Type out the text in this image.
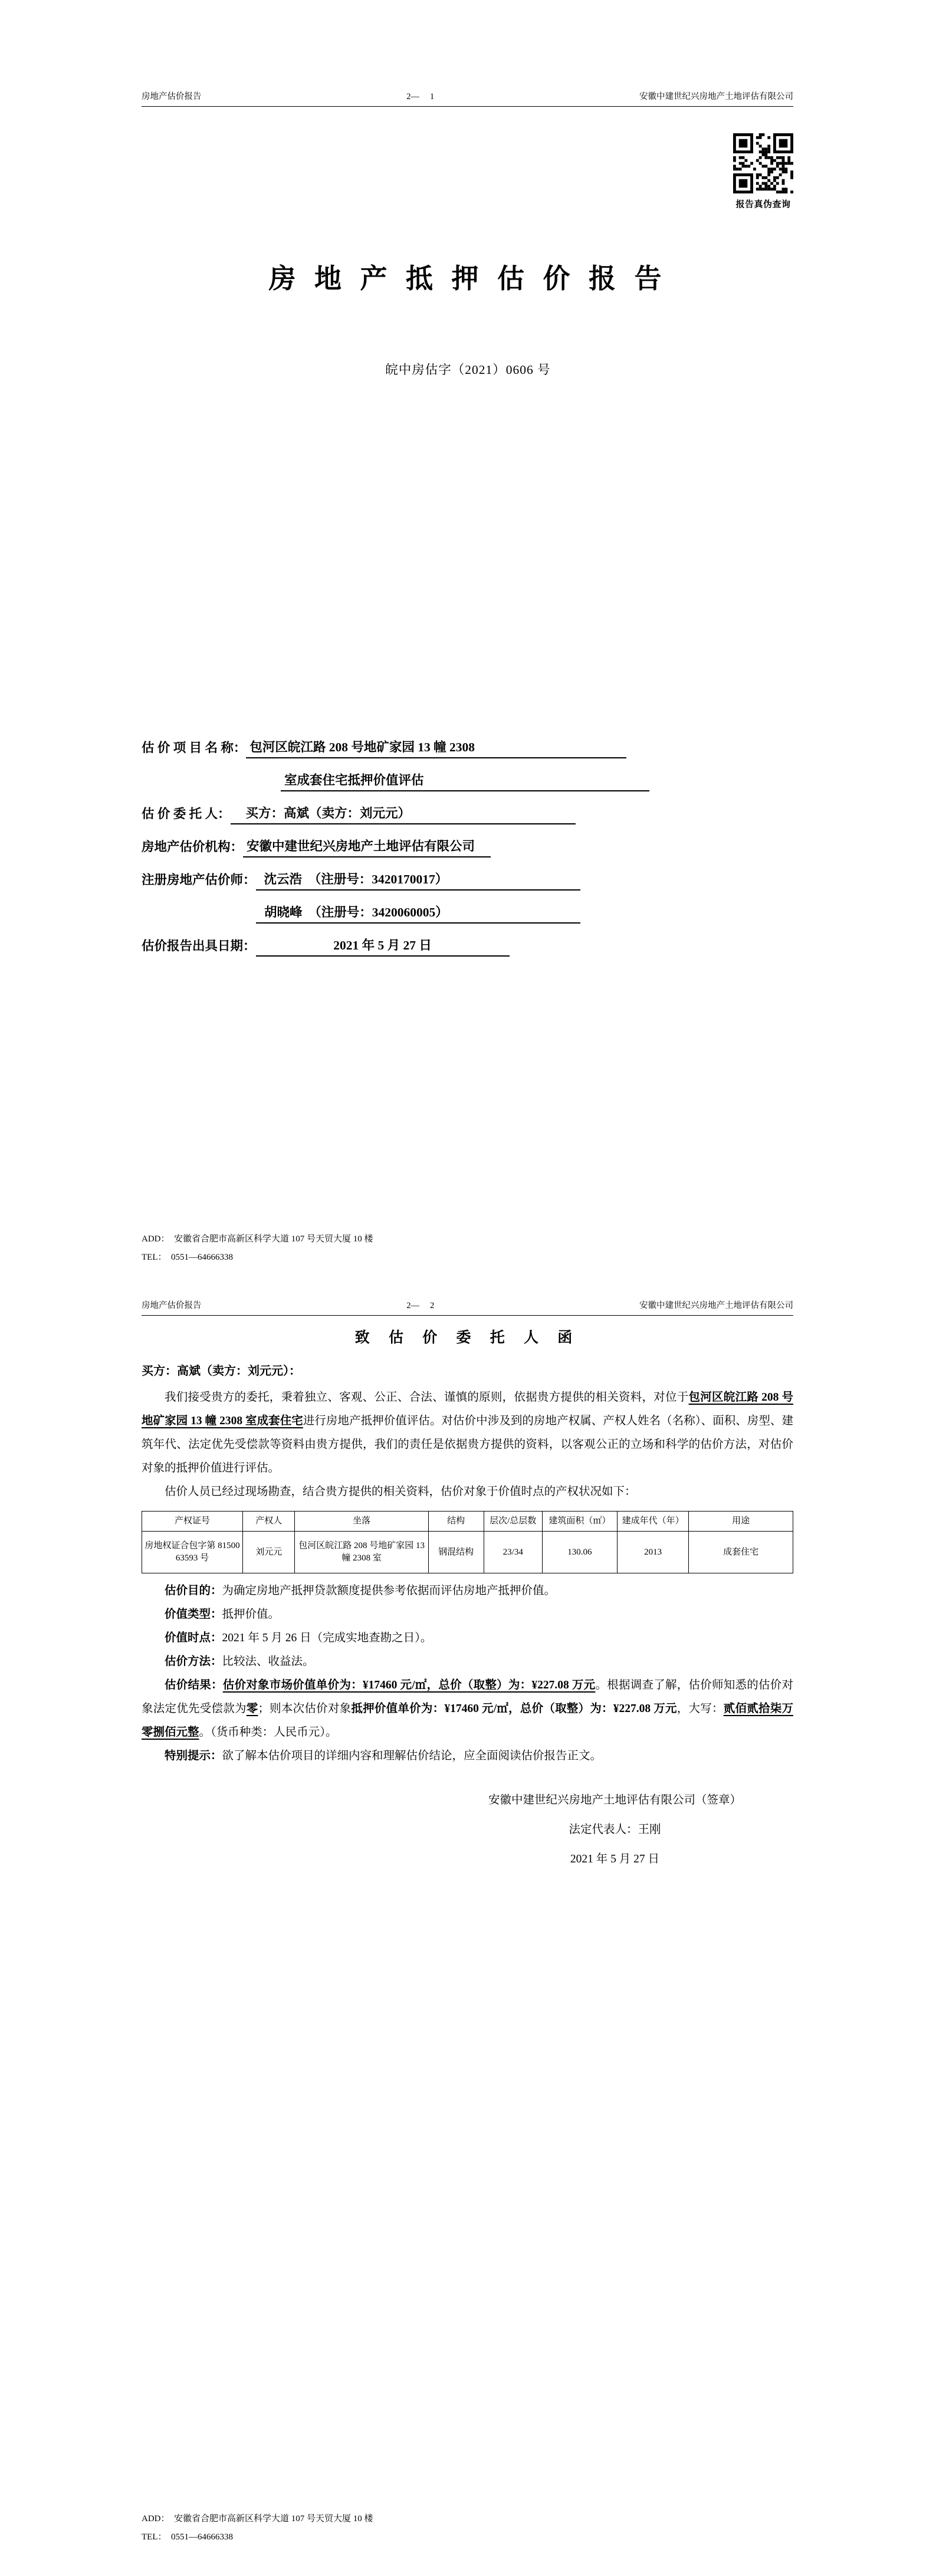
房地产估价报告	2—　 1	安徽中建世纪兴房地产土地评估有限公司
报告真伪查询
房 地 产 抵 押 估 价 报 告
皖中房估字（2021）0606 号
估 价 项 目 名 称： 包河区皖江路 208 号地矿家园 13 幢 2308
室成套住宅抵押价值评估
估 价 委 托 人： 买方：高斌（卖方：刘元元）
房地产估价机构： 安徽中建世纪兴房地产土地评估有限公司
注册房地产估价师： 沈云浩　（注册号：3420170017）
胡晓峰　（注册号：3420060005）
估价报告出具日期：	2021 年 5 月 27 日
ADD：　安徽省合肥市高新区科学大道 107 号天贸大厦 10 楼
TEL：　0551—64666338
房地产估价报告	2—　 2	安徽中建世纪兴房地产土地评估有限公司
致 估 价 委 托 人 函
买方：高斌（卖方：刘元元）：

我们接受贵方的委托，秉着独立、客观、公正、合法、谨慎的原则，依据贵方提供的相关资料，对位于包河区皖江路 208 号地矿家园 13 幢 2308 室成套住宅进行房地产抵押价值评估。对估价中涉及到的房地产权属、产权人姓名（名称）、面积、房型、建筑年代、法定优先受偿款等资料由贵方提供，我们的责任是依据贵方提供的资料，以客观公正的立场和科学的估价方法，对估价对象的抵押价值进行评估。

估价人员已经过现场勘查，结合贵方提供的相关资料，估价对象于价值时点的产权状况如下：

产权证号	产权人	坐落	结构	层次/总层数	建筑面积（㎡）	建成年代（年）	用途
房地权证合包字第 8150063593 号	刘元元	包河区皖江路 208 号地矿家园 13 幢 2308 室	钢混结构	23/34	130.06	2013	成套住宅

估价目的：为确定房地产抵押贷款额度提供参考依据而评估房地产抵押价值。

价值类型：抵押价值。

价值时点：2021 年 5 月 26 日（完成实地查勘之日）。

估价方法：比较法、收益法。

估价结果：估价对象市场价值单价为：¥17460 元/㎡，总价（取整）为：¥227.08 万元。根据调查了解，估价师知悉的估价对象法定优先受偿款为零；则本次估价对象抵押价值单价为：¥17460 元/㎡，总价（取整）为：¥227.08 万元，大写：贰佰贰拾柒万零捌佰元整。（货币种类：人民币元）。

特别提示：欲了解本估价项目的详细内容和理解估价结论，应全面阅读估价报告正文。

安徽中建世纪兴房地产土地评估有限公司（签章）
法定代表人：王刚
2021 年 5 月 27 日
ADD：　安徽省合肥市高新区科学大道 107 号天贸大厦 10 楼
TEL：　0551—64666338
